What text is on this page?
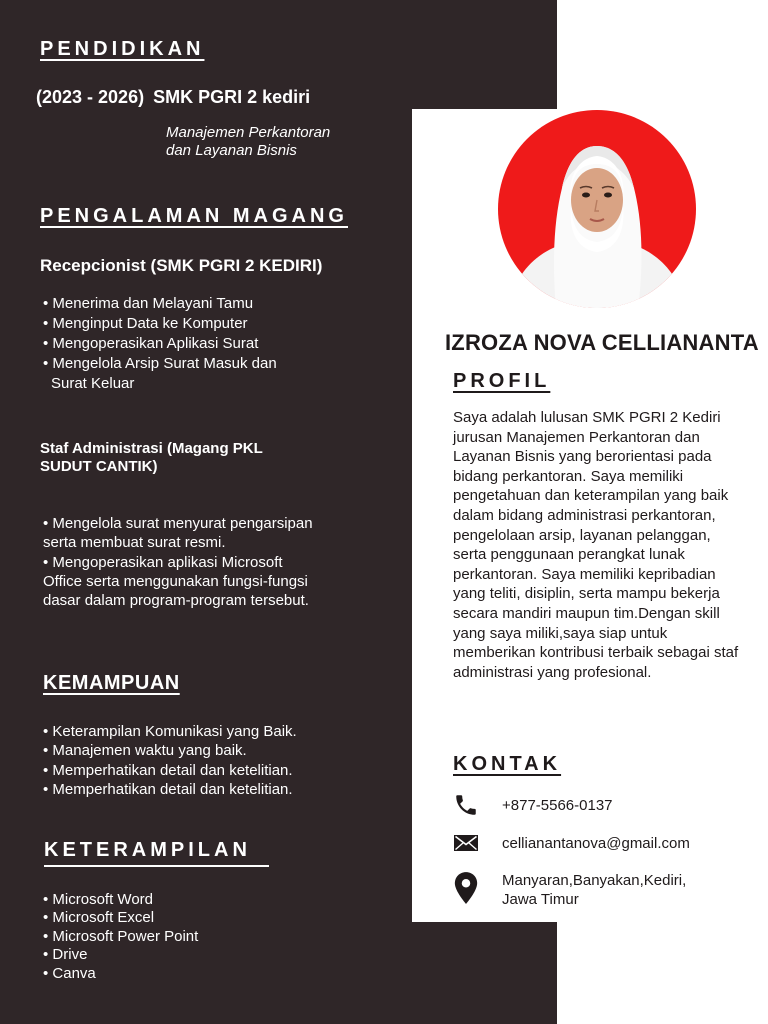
PENDIDIKAN
(2023 - 2026) SMK PGRI 2 kediri
Manajemen Perkantoran
dan Layanan Bisnis
PENGALAMAN MAGANG

Recepcionist (SMK PGRI 2 KEDIRI)

• Menerima dan Melayani Tamu
• Menginput Data ke Komputer
• Mengoperasikan Aplikasi Surat
• Mengelola Arsip Surat Masuk dan
Surat Keluar
Staf Administrasi (Magang PKL
SUDUT CANTIK)
• Mengelola surat menyurat pengarsipan
serta membuat surat resmi.
• Mengoperasikan aplikasi Microsoft
Office serta menggunakan fungsi-fungsi
dasar dalam program-program tersebut.
KEMAMPUAN
• Keterampilan Komunikasi yang Baik.
• Manajemen waktu yang baik.
• Memperhatikan detail dan ketelitian.
• Memperhatikan detail dan ketelitian.
KETERAMPILAN
• Microsoft Word
• Microsoft Excel
• Microsoft Power Point
• Drive
• Canva
IZROZA NOVA CELLIANANTA
PROFIL

Saya adalah lulusan SMK PGRI 2 Kediri jurusan Manajemen Perkantoran dan Layanan Bisnis yang berorientasi pada bidang perkantoran. Saya memiliki pengetahuan dan keterampilan yang baik dalam bidang administrasi perkantoran, pengelolaan arsip, layanan pelanggan, serta penggunaan perangkat lunak perkantoran. Saya memiliki kepribadian yang teliti, disiplin, serta mampu bekerja secara mandiri maupun tim.Dengan skill yang saya miliki,saya siap untuk memberikan kontribusi terbaik sebagai staf administrasi yang profesional.

KONTAK
+877-5566-0137
cellianantanova@gmail.com
Manyaran,Banyakan,Kediri,
Jawa Timur
